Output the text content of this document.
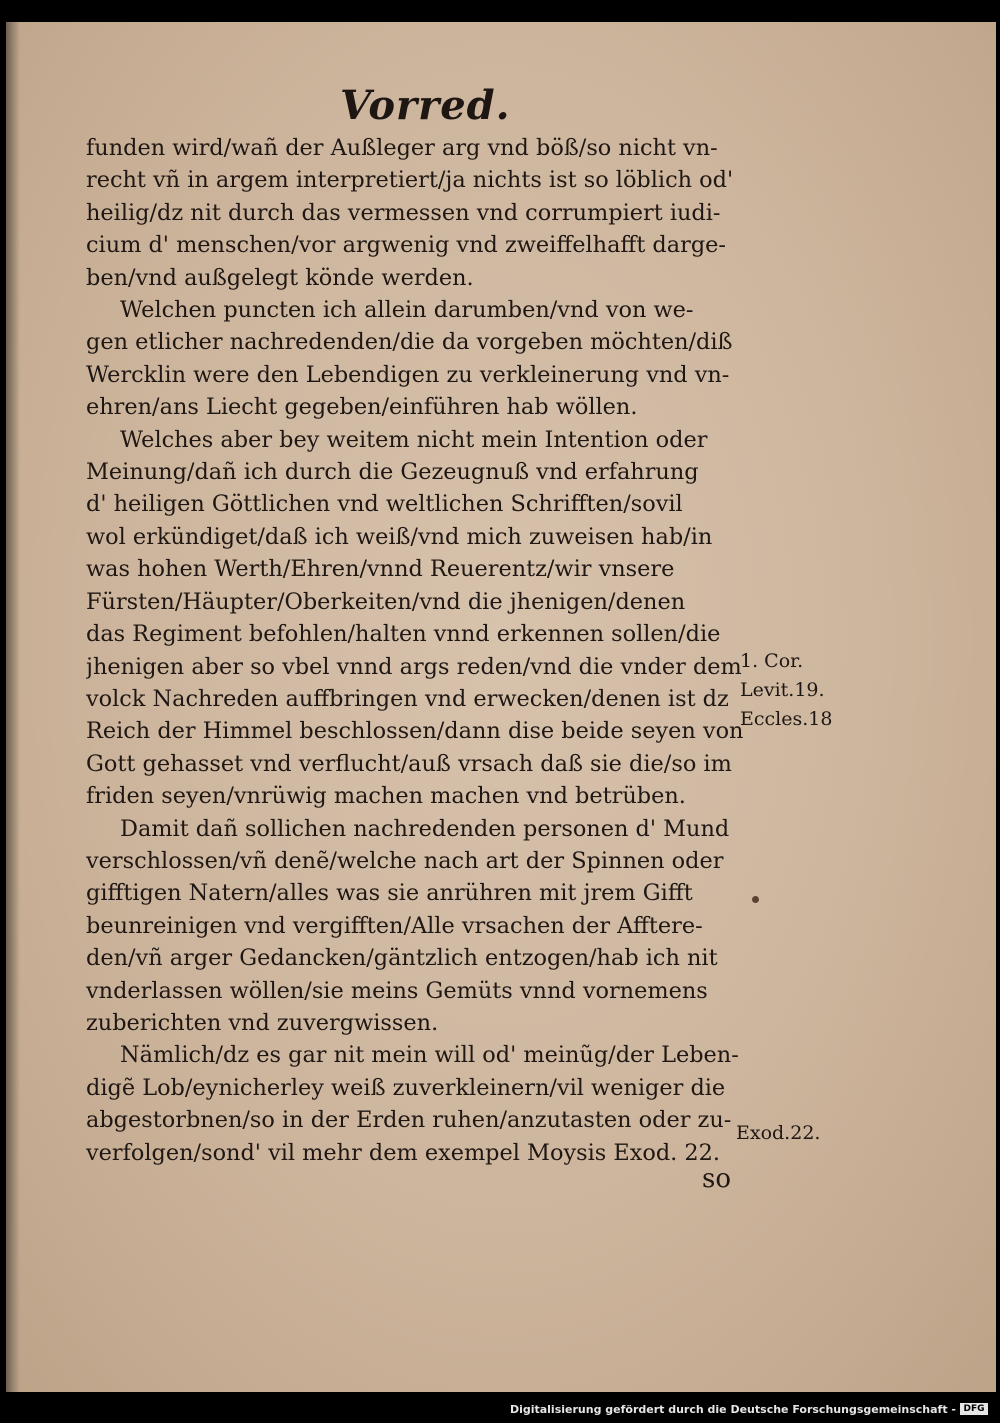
Vorred.
funden wird/wañ der Außleger arg vnd böß/so nicht vn-
recht vñ in argem interpretiert/ja nichts ist so löblich od'
heilig/dz nit durch das vermessen vnd corrumpiert iudi-
cium d' menschen/vor argwenig vnd zweiffelhafft darge-
ben/vnd außgelegt könde werden.
Welchen puncten ich allein darumben/vnd von we-
gen etlicher nachredenden/die da vorgeben möchten/diß
Wercklin were den Lebendigen zu verkleinerung vnd vn-
ehren/ans Liecht gegeben/einführen hab wöllen.
Welches aber bey weitem nicht mein Intention oder
Meinung/dañ ich durch die Gezeugnuß vnd erfahrung
d' heiligen Göttlichen vnd weltlichen Schrifften/sovil
wol erkündiget/daß ich weiß/vnd mich zuweisen hab/in
was hohen Werth/Ehren/vnnd Reuerentz/wir vnsere
Fürsten/Häupter/Oberkeiten/vnd die jhenigen/denen
das Regiment befohlen/halten vnnd erkennen sollen/die
jhenigen aber so vbel vnnd args reden/vnd die vnder dem
volck Nachreden auffbringen vnd erwecken/denen ist dz
Reich der Himmel beschlossen/dann dise beide seyen von
Gott gehasset vnd verflucht/auß vrsach daß sie die/so im
friden seyen/vnrüwig machen machen vnd betrüben.
Damit dañ sollichen nachredenden personen d' Mund
verschlossen/vñ denẽ/welche nach art der Spinnen oder
gifftigen Natern/alles was sie anrühren mit jrem Gifft
beunreinigen vnd vergifften/Alle vrsachen der Afftere-
den/vñ arger Gedancken/gäntzlich entzogen/hab ich nit
vnderlassen wöllen/sie meins Gemüts vnnd vornemens
zuberichten vnd zuvergwissen.
Nämlich/dz es gar nit mein will od' meinũg/der Leben-
digẽ Lob/eynicherley weiß zuverkleinern/vil weniger die
abgestorbnen/so in der Erden ruhen/anzutasten oder zu-
verfolgen/sond' vil mehr dem exempel Moysis Exod. 22.
1. Cor.
Levit.19.
Eccles.18
Exod.22.
so
Digitalisierung gefördert durch die Deutsche Forschungsgemeinschaft - DFG
